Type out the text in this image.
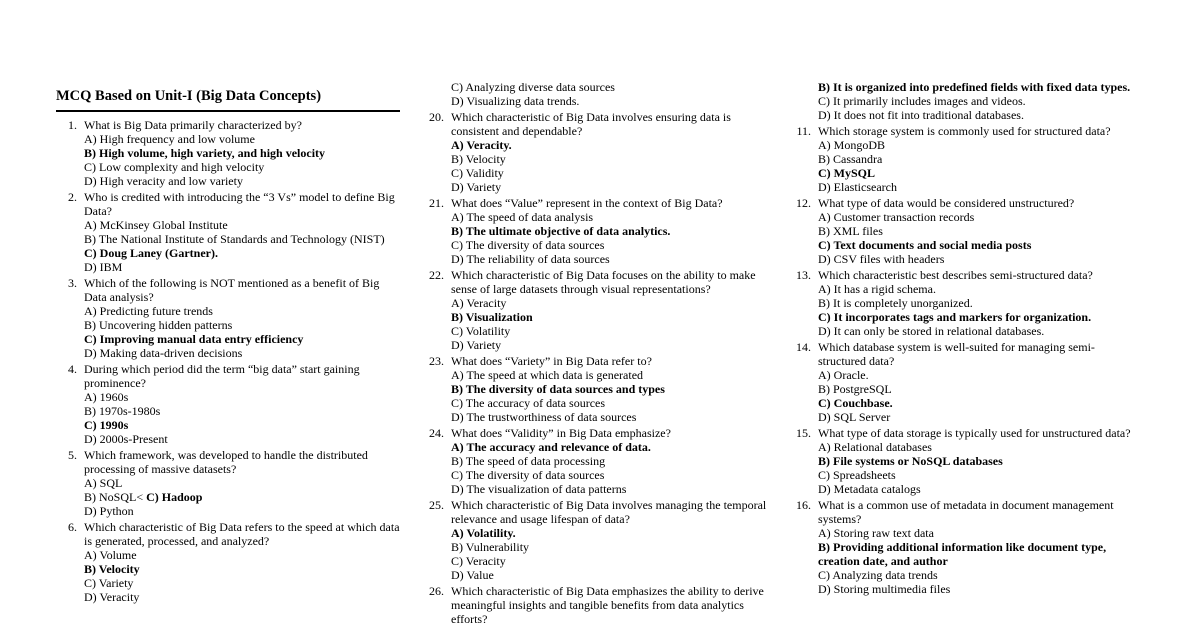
MCQ Based on Unit-I (Big Data Concepts)
1. What is Big Data primarily characterized by?
A) High frequency and low volume
B) High volume, high variety, and high velocity
C) Low complexity and high velocity
D) High veracity and low variety
2. Who is credited with introducing the “3 Vs” model to define Big Data?
A) McKinsey Global Institute
B) The National Institute of Standards and Technology (NIST)
C) Doug Laney (Gartner).
D) IBM
3. Which of the following is NOT mentioned as a benefit of Big Data analysis?
A) Predicting future trends
B) Uncovering hidden patterns
C) Improving manual data entry efficiency
D) Making data-driven decisions
4. During which period did the term “big data” start gaining prominence?
A) 1960s
B) 1970s-1980s
C) 1990s
D) 2000s-Present
5. Which framework, was developed to handle the distributed processing of massive datasets?
A) SQL
B) NoSQL< C) Hadoop
D) Python
6. Which characteristic of Big Data refers to the speed at which data is generated, processed, and analyzed?
A) Volume
B) Velocity
C) Variety
D) Veracity
C) Analyzing diverse data sources
D) Visualizing data trends.
20. Which characteristic of Big Data involves ensuring data is consistent and dependable?
A) Veracity.
B) Velocity
C) Validity
D) Variety
21. What does “Value” represent in the context of Big Data?
A) The speed of data analysis
B) The ultimate objective of data analytics.
C) The diversity of data sources
D) The reliability of data sources
22. Which characteristic of Big Data focuses on the ability to make sense of large datasets through visual representations?
A) Veracity
B) Visualization
C) Volatility
D) Variety
23. What does “Variety” in Big Data refer to?
A) The speed at which data is generated
B) The diversity of data sources and types
C) The accuracy of data sources
D) The trustworthiness of data sources
24. What does “Validity” in Big Data emphasize?
A) The accuracy and relevance of data.
B) The speed of data processing
C) The diversity of data sources
D) The visualization of data patterns
25. Which characteristic of Big Data involves managing the temporal relevance and usage lifespan of data?
A) Volatility.
B) Vulnerability
C) Veracity
D) Value
26. Which characteristic of Big Data emphasizes the ability to derive meaningful insights and tangible benefits from data analytics efforts?
B) It is organized into predefined fields with fixed data types.
C) It primarily includes images and videos.
D) It does not fit into traditional databases.
11. Which storage system is commonly used for structured data?
A) MongoDB
B) Cassandra
C) MySQL
D) Elasticsearch
12. What type of data would be considered unstructured?
A) Customer transaction records
B) XML files
C) Text documents and social media posts
D) CSV files with headers
13. Which characteristic best describes semi-structured data?
A) It has a rigid schema.
B) It is completely unorganized.
C) It incorporates tags and markers for organization.
D) It can only be stored in relational databases.
14. Which database system is well-suited for managing semi-structured data?
A) Oracle.
B) PostgreSQL
C) Couchbase.
D) SQL Server
15. What type of data storage is typically used for unstructured data?
A) Relational databases
B) File systems or NoSQL databases
C) Spreadsheets
D) Metadata catalogs
16. What is a common use of metadata in document management systems?
A) Storing raw text data
B) Providing additional information like document type, creation date, and author
C) Analyzing data trends
D) Storing multimedia files
